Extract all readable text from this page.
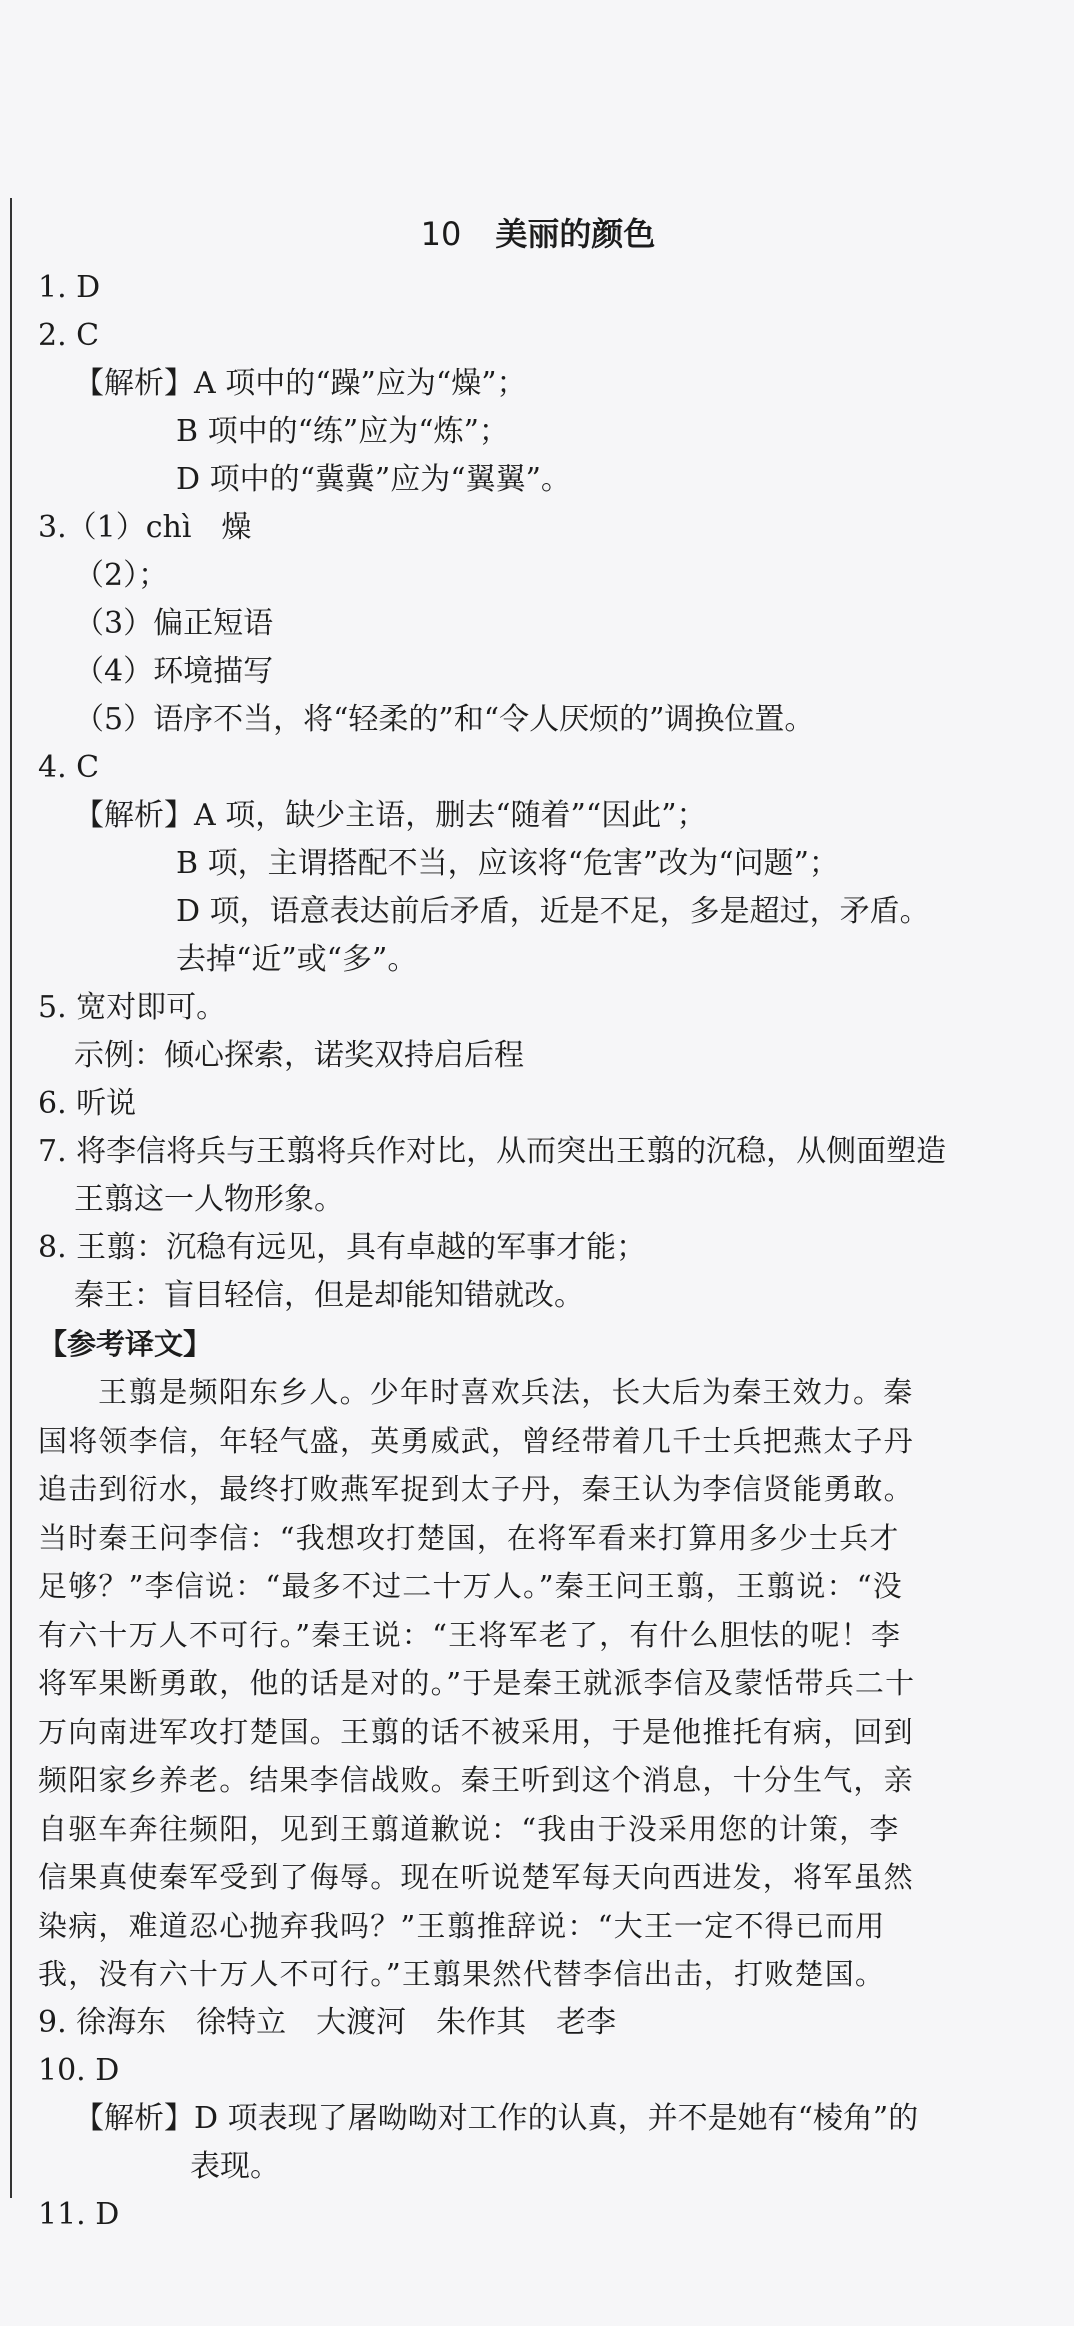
10 美丽的颜色
1. D
2. C
【解析】A 项中的“躁”应为“燥”；
B 项中的“练”应为“炼”；
D 项中的“冀冀”应为“翼翼”。
3.（1）chì　燥
（2）；
（3）偏正短语
（4）环境描写
（5）语序不当，将“轻柔的”和“令人厌烦的”调换位置。
4. C
【解析】A 项，缺少主语，删去“随着”“因此”；
B 项，主谓搭配不当，应该将“危害”改为“问题”；
D 项，语意表达前后矛盾，近是不足，多是超过，矛盾。
去掉“近”或“多”。
5. 宽对即可。
示例：倾心探索，诺奖双持启后程
6. 听说
7. 将李信将兵与王翦将兵作对比，从而突出王翦的沉稳，从侧面塑造
王翦这一人物形象。
8. 王翦：沉稳有远见，具有卓越的军事才能；
秦王：盲目轻信，但是却能知错就改。
【参考译文】

王翦是频阳东乡人。少年时喜欢兵法，长大后为秦王效力。秦国将领李信，年轻气盛，英勇威武，曾经带着几千士兵把燕太子丹追击到衍水，最终打败燕军捉到太子丹，秦王认为李信贤能勇敢。当时秦王问李信：“我想攻打楚国，在将军看来打算用多少士兵才足够？”李信说：“最多不过二十万人。”秦王问王翦，王翦说：“没有六十万人不可行。”秦王说：“王将军老了，有什么胆怯的呢！李将军果断勇敢，他的话是对的。”于是秦王就派李信及蒙恬带兵二十万向南进军攻打楚国。王翦的话不被采用，于是他推托有病，回到频阳家乡养老。结果李信战败。秦王听到这个消息，十分生气，亲自驱车奔往频阳，见到王翦道歉说：“我由于没采用您的计策，李信果真使秦军受到了侮辱。现在听说楚军每天向西进发，将军虽然染病，难道忍心抛弃我吗？”王翦推辞说：“大王一定不得已而用我，没有六十万人不可行。”王翦果然代替李信出击，打败楚国。

9. 徐海东　徐特立　大渡河　朱作其　老李
10. D
【解析】D 项表现了屠呦呦对工作的认真，并不是她有“棱角”的
表现。
11. D
